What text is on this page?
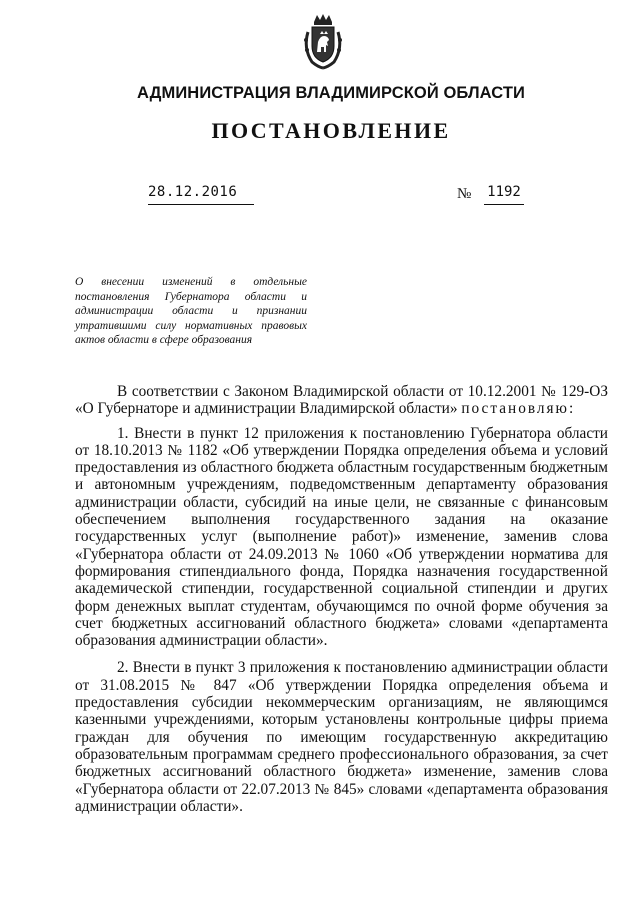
АДМИНИСТРАЦИЯ ВЛАДИМИРСКОЙ ОБЛАСТИ
ПОСТАНОВЛЕНИЕ
28.12.2016	№ 1192
О внесении изменений в отдельные постановления Губернатора области и администрации области и признании утратившими силу нормативных правовых актов области в сфере образования

В соответствии с Законом Владимирской области от 10.12.2001 № 129-ОЗ «О Губернаторе и администрации Владимирской области» постановляю:

1. Внести в пункт 12 приложения к постановлению Губернатора области от 18.10.2013 № 1182 «Об утверждении Порядка определения объема и условий предоставления из областного бюджета областным государственным бюджетным и автономным учреждениям, подведомственным департаменту образования администрации области, субсидий на иные цели, не связанные с финансовым обеспечением выполнения государственного задания на оказание государственных услуг (выполнение работ)» изменение, заменив слова «Губернатора области от 24.09.2013 № 1060 «Об утверждении норматива для формирования стипендиального фонда, Порядка назначения государственной академической стипендии, государственной социальной стипендии и других форм денежных выплат студентам, обучающимся по очной форме обучения за счет бюджетных ассигнований областного бюджета» словами «департамента образования администрации области».

2. Внести в пункт 3 приложения к постановлению администрации области от 31.08.2015 № 847 «Об утверждении Порядка определения объема и предоставления субсидии некоммерческим организациям, не являющимся казенными учреждениями, которым установлены контрольные цифры приема граждан для обучения по имеющим государственную аккредитацию образовательным программам среднего профессионального образования, за счет бюджетных ассигнований областного бюджета» изменение, заменив слова «Губернатора области от 22.07.2013 № 845» словами «департамента образования администрации области».
